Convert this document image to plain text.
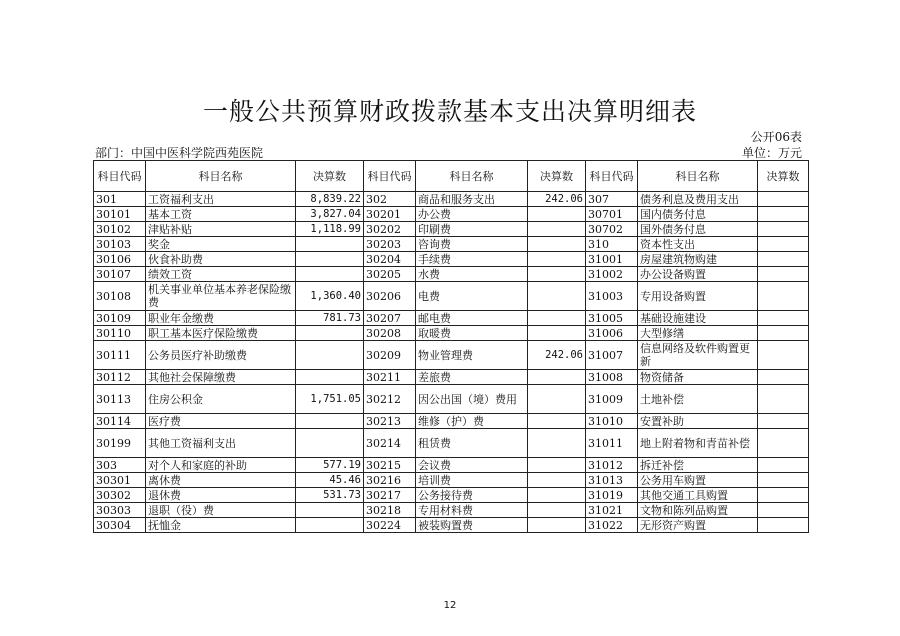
一般公共预算财政拨款基本支出决算明细表
公开06表
部门：中国中医科学院西苑医院	单位：万元
科目代码	科目名称	决算数	科目代码	科目名称	决算数	科目代码	科目名称	决算数
301	工资福利支出	8,839.22	302	商品和服务支出	242.06	307	债务利息及费用支出	
30101	基本工资	3,827.04	30201	办公费		30701	国内债务付息	
30102	津贴补贴	1,118.99	30202	印刷费		30702	国外债务付息	
30103	奖金		30203	咨询费		310	资本性支出	
30106	伙食补助费		30204	手续费		31001	房屋建筑物购建	
30107	绩效工资		30205	水费		31002	办公设备购置	
30108	机关事业单位基本养老保险缴费	1,360.40	30206	电费		31003	专用设备购置	
30109	职业年金缴费	781.73	30207	邮电费		31005	基础设施建设	
30110	职工基本医疗保险缴费		30208	取暖费		31006	大型修缮	
30111	公务员医疗补助缴费		30209	物业管理费	242.06	31007	信息网络及软件购置更新	
30112	其他社会保障缴费		30211	差旅费		31008	物资储备	
30113	住房公积金	1,751.05	30212	因公出国（境）费用		31009	土地补偿	
30114	医疗费		30213	维修（护）费		31010	安置补助	
30199	其他工资福利支出		30214	租赁费		31011	地上附着物和青苗补偿	
303	对个人和家庭的补助	577.19	30215	会议费		31012	拆迁补偿	
30301	离休费	45.46	30216	培训费		31013	公务用车购置	
30302	退休费	531.73	30217	公务接待费		31019	其他交通工具购置	
30303	退职（役）费		30218	专用材料费		31021	文物和陈列品购置	
30304	抚恤金		30224	被装购置费		31022	无形资产购置	
12
